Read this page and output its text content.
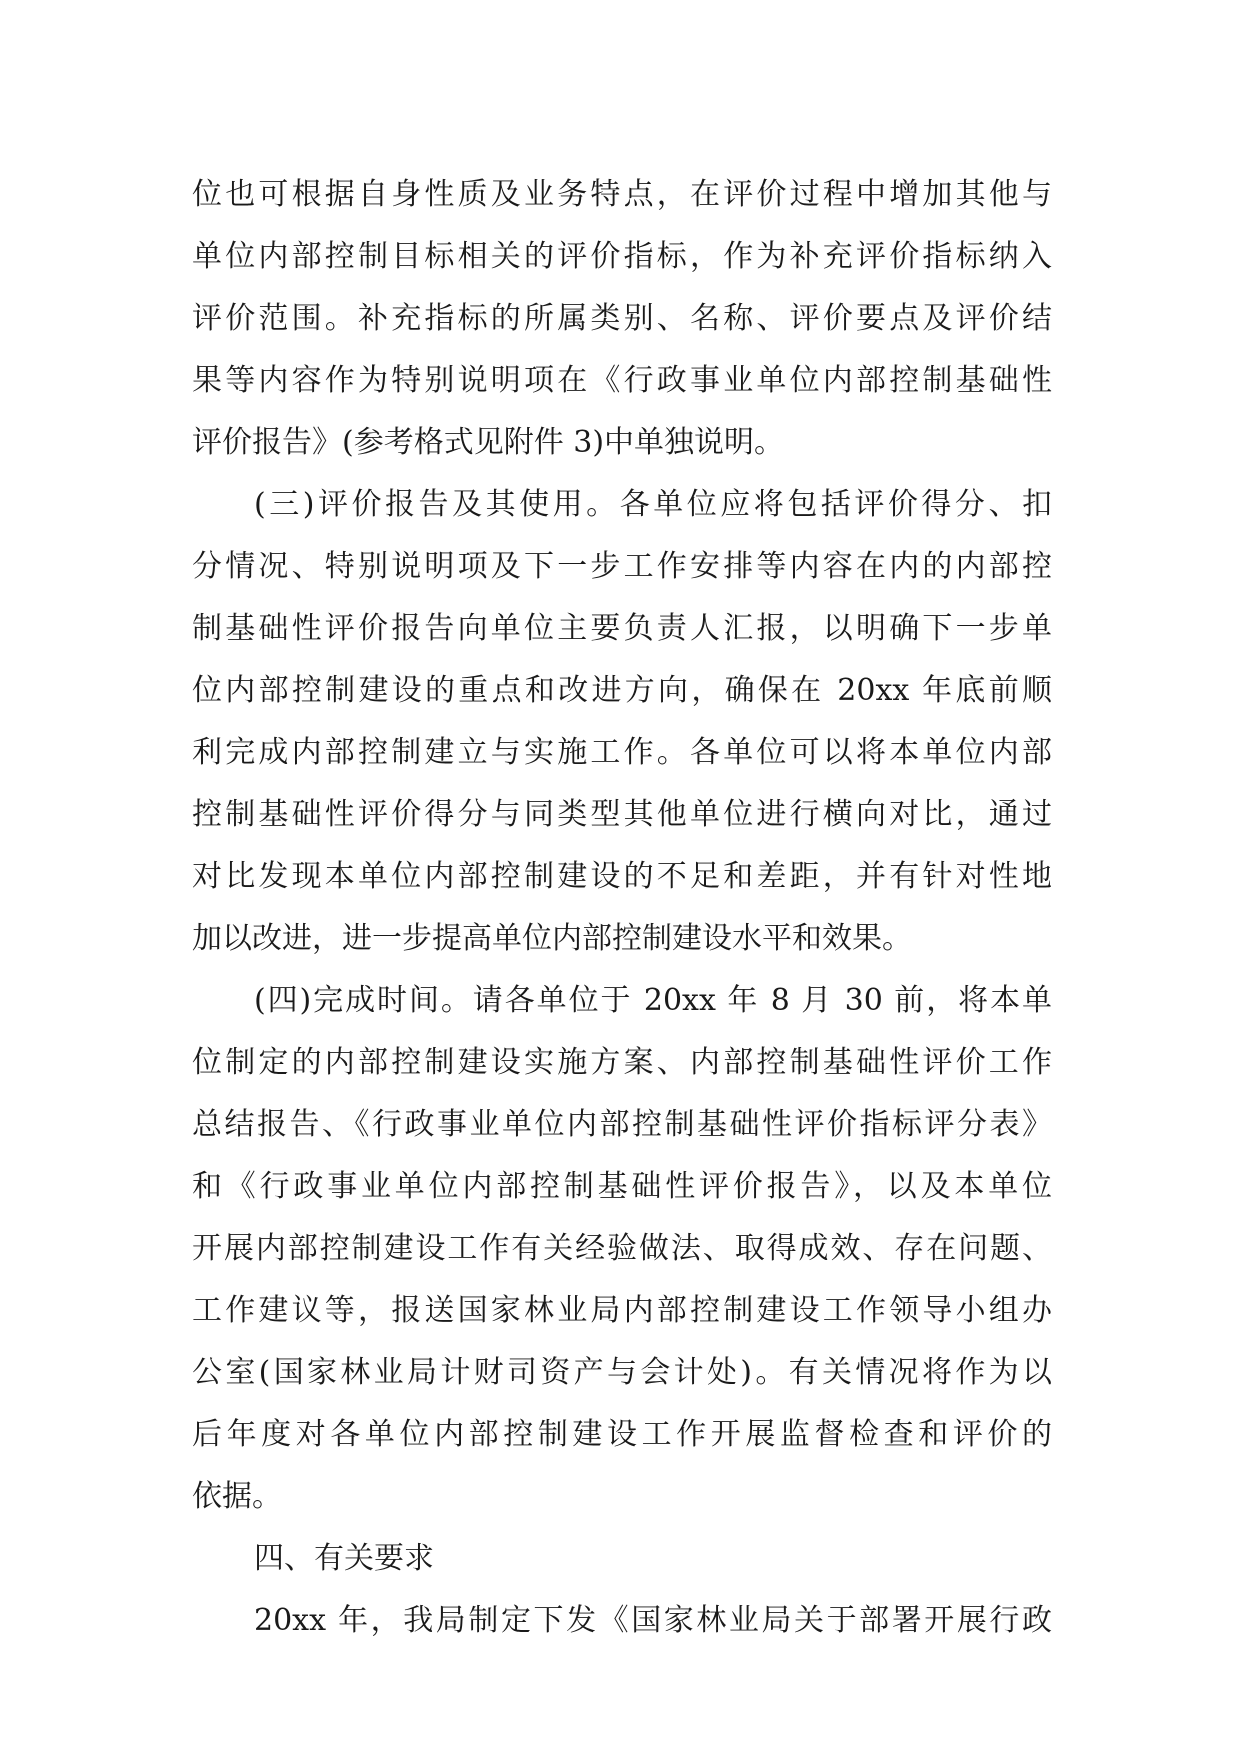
位也可根据自身性质及业务特点，在评价过程中增加其他与
单位内部控制目标相关的评价指标，作为补充评价指标纳入
评价范围。补充指标的所属类别、名称、评价要点及评价结
果等内容作为特别说明项在《行政事业单位内部控制基础性
评价报告》(参考格式见附件 3)中单独说明。
(三)评价报告及其使用。各单位应将包括评价得分、扣
分情况、特别说明项及下一步工作安排等内容在内的内部控
制基础性评价报告向单位主要负责人汇报，以明确下一步单
位内部控制建设的重点和改进方向，确保在 20xx 年底前顺
利完成内部控制建立与实施工作。各单位可以将本单位内部
控制基础性评价得分与同类型其他单位进行横向对比，通过
对比发现本单位内部控制建设的不足和差距，并有针对性地
加以改进，进一步提高单位内部控制建设水平和效果。
(四)完成时间。请各单位于 20xx 年 8 月 30 前，将本单
位制定的内部控制建设实施方案、内部控制基础性评价工作
总结报告、《行政事业单位内部控制基础性评价指标评分表》
和《行政事业单位内部控制基础性评价报告》，以及本单位
开展内部控制建设工作有关经验做法、取得成效、存在问题、
工作建议等，报送国家林业局内部控制建设工作领导小组办
公室(国家林业局计财司资产与会计处)。有关情况将作为以
后年度对各单位内部控制建设工作开展监督检查和评价的
依据。
四、有关要求
20xx 年，我局制定下发《国家林业局关于部署开展行政
